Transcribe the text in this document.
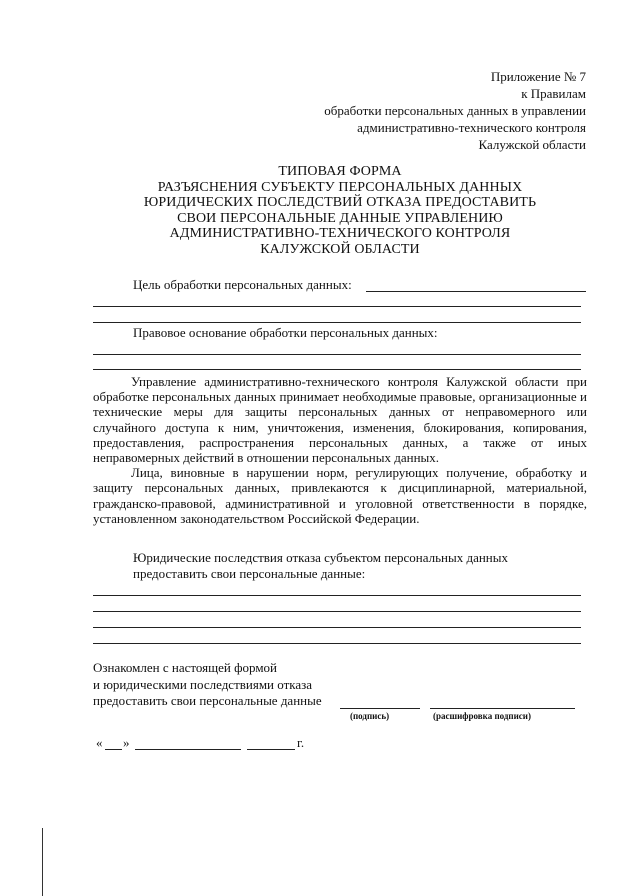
Приложение № 7
к Правилам
обработки персональных данных в управлении
административно-технического контроля
Калужской области
ТИПОВАЯ ФОРМА
РАЗЪЯСНЕНИЯ СУБЪЕКТУ ПЕРСОНАЛЬНЫХ ДАННЫХ
ЮРИДИЧЕСКИХ ПОСЛЕДСТВИЙ ОТКАЗА ПРЕДОСТАВИТЬ
СВОИ ПЕРСОНАЛЬНЫЕ ДАННЫЕ УПРАВЛЕНИЮ
АДМИНИСТРАТИВНО-ТЕХНИЧЕСКОГО КОНТРОЛЯ
КАЛУЖСКОЙ ОБЛАСТИ
Цель обработки персональных данных:
Правовое основание обработки персональных данных:

Управление административно-технического контроля Калужской области при обработке персональных данных принимает необходимые правовые, организационные и технические меры для защиты персональных данных от неправомерного или случайного доступа к ним, уничтожения, изменения, блокирования, копирования, предоставления, распространения персональных данных, а также от иных неправомерных действий в отношении персональных данных.

Лица, виновные в нарушении норм, регулирующих получение, обработку и защиту персональных данных, привлекаются к дисциплинарной, материальной, гражданско-правовой, административной и уголовной ответственности в порядке, установленном законодательством Российской Федерации.

Юридические последствия отказа субъектом персональных данных
предоставить свои персональные данные:
Ознакомлен с настоящей формой
и юридическими последствиями отказа
предоставить свои персональные данные
(подпись)	(расшифровка подписи)
« »	г.
